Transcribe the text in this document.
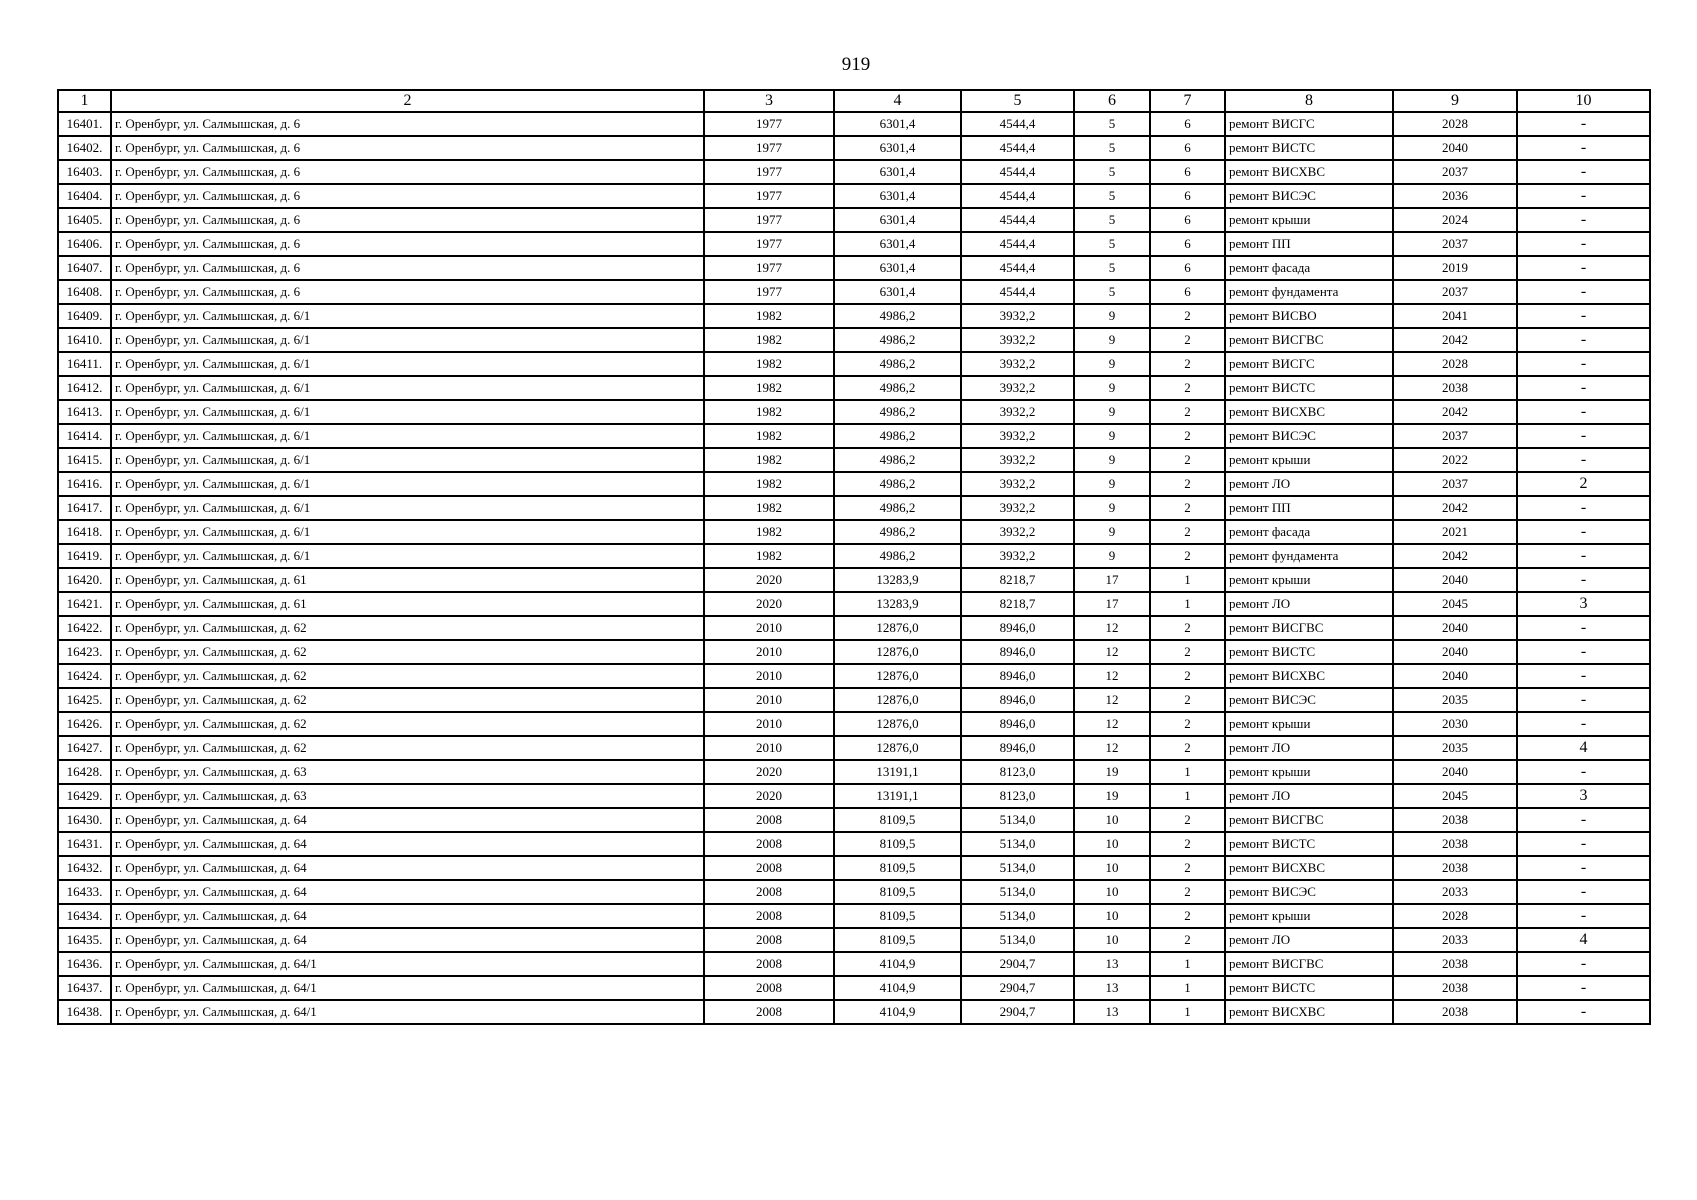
919
1	2	3	4	5	6	7	8	9	10
16401.	г. Оренбург, ул. Салмышская, д. 6	1977	6301,4	4544,4	5	6	ремонт ВИСГС	2028	-
16402.	г. Оренбург, ул. Салмышская, д. 6	1977	6301,4	4544,4	5	6	ремонт ВИСТС	2040	-
16403.	г. Оренбург, ул. Салмышская, д. 6	1977	6301,4	4544,4	5	6	ремонт ВИСХВС	2037	-
16404.	г. Оренбург, ул. Салмышская, д. 6	1977	6301,4	4544,4	5	6	ремонт ВИСЭС	2036	-
16405.	г. Оренбург, ул. Салмышская, д. 6	1977	6301,4	4544,4	5	6	ремонт крыши	2024	-
16406.	г. Оренбург, ул. Салмышская, д. 6	1977	6301,4	4544,4	5	6	ремонт ПП	2037	-
16407.	г. Оренбург, ул. Салмышская, д. 6	1977	6301,4	4544,4	5	6	ремонт фасада	2019	-
16408.	г. Оренбург, ул. Салмышская, д. 6	1977	6301,4	4544,4	5	6	ремонт фундамента	2037	-
16409.	г. Оренбург, ул. Салмышская, д. 6/1	1982	4986,2	3932,2	9	2	ремонт ВИСВО	2041	-
16410.	г. Оренбург, ул. Салмышская, д. 6/1	1982	4986,2	3932,2	9	2	ремонт ВИСГВС	2042	-
16411.	г. Оренбург, ул. Салмышская, д. 6/1	1982	4986,2	3932,2	9	2	ремонт ВИСГС	2028	-
16412.	г. Оренбург, ул. Салмышская, д. 6/1	1982	4986,2	3932,2	9	2	ремонт ВИСТС	2038	-
16413.	г. Оренбург, ул. Салмышская, д. 6/1	1982	4986,2	3932,2	9	2	ремонт ВИСХВС	2042	-
16414.	г. Оренбург, ул. Салмышская, д. 6/1	1982	4986,2	3932,2	9	2	ремонт ВИСЭС	2037	-
16415.	г. Оренбург, ул. Салмышская, д. 6/1	1982	4986,2	3932,2	9	2	ремонт крыши	2022	-
16416.	г. Оренбург, ул. Салмышская, д. 6/1	1982	4986,2	3932,2	9	2	ремонт ЛО	2037	2
16417.	г. Оренбург, ул. Салмышская, д. 6/1	1982	4986,2	3932,2	9	2	ремонт ПП	2042	-
16418.	г. Оренбург, ул. Салмышская, д. 6/1	1982	4986,2	3932,2	9	2	ремонт фасада	2021	-
16419.	г. Оренбург, ул. Салмышская, д. 6/1	1982	4986,2	3932,2	9	2	ремонт фундамента	2042	-
16420.	г. Оренбург, ул. Салмышская, д. 61	2020	13283,9	8218,7	17	1	ремонт крыши	2040	-
16421.	г. Оренбург, ул. Салмышская, д. 61	2020	13283,9	8218,7	17	1	ремонт ЛО	2045	3
16422.	г. Оренбург, ул. Салмышская, д. 62	2010	12876,0	8946,0	12	2	ремонт ВИСГВС	2040	-
16423.	г. Оренбург, ул. Салмышская, д. 62	2010	12876,0	8946,0	12	2	ремонт ВИСТС	2040	-
16424.	г. Оренбург, ул. Салмышская, д. 62	2010	12876,0	8946,0	12	2	ремонт ВИСХВС	2040	-
16425.	г. Оренбург, ул. Салмышская, д. 62	2010	12876,0	8946,0	12	2	ремонт ВИСЭС	2035	-
16426.	г. Оренбург, ул. Салмышская, д. 62	2010	12876,0	8946,0	12	2	ремонт крыши	2030	-
16427.	г. Оренбург, ул. Салмышская, д. 62	2010	12876,0	8946,0	12	2	ремонт ЛО	2035	4
16428.	г. Оренбург, ул. Салмышская, д. 63	2020	13191,1	8123,0	19	1	ремонт крыши	2040	-
16429.	г. Оренбург, ул. Салмышская, д. 63	2020	13191,1	8123,0	19	1	ремонт ЛО	2045	3
16430.	г. Оренбург, ул. Салмышская, д. 64	2008	8109,5	5134,0	10	2	ремонт ВИСГВС	2038	-
16431.	г. Оренбург, ул. Салмышская, д. 64	2008	8109,5	5134,0	10	2	ремонт ВИСТС	2038	-
16432.	г. Оренбург, ул. Салмышская, д. 64	2008	8109,5	5134,0	10	2	ремонт ВИСХВС	2038	-
16433.	г. Оренбург, ул. Салмышская, д. 64	2008	8109,5	5134,0	10	2	ремонт ВИСЭС	2033	-
16434.	г. Оренбург, ул. Салмышская, д. 64	2008	8109,5	5134,0	10	2	ремонт крыши	2028	-
16435.	г. Оренбург, ул. Салмышская, д. 64	2008	8109,5	5134,0	10	2	ремонт ЛО	2033	4
16436.	г. Оренбург, ул. Салмышская, д. 64/1	2008	4104,9	2904,7	13	1	ремонт ВИСГВС	2038	-
16437.	г. Оренбург, ул. Салмышская, д. 64/1	2008	4104,9	2904,7	13	1	ремонт ВИСТС	2038	-
16438.	г. Оренбург, ул. Салмышская, д. 64/1	2008	4104,9	2904,7	13	1	ремонт ВИСХВС	2038	-
